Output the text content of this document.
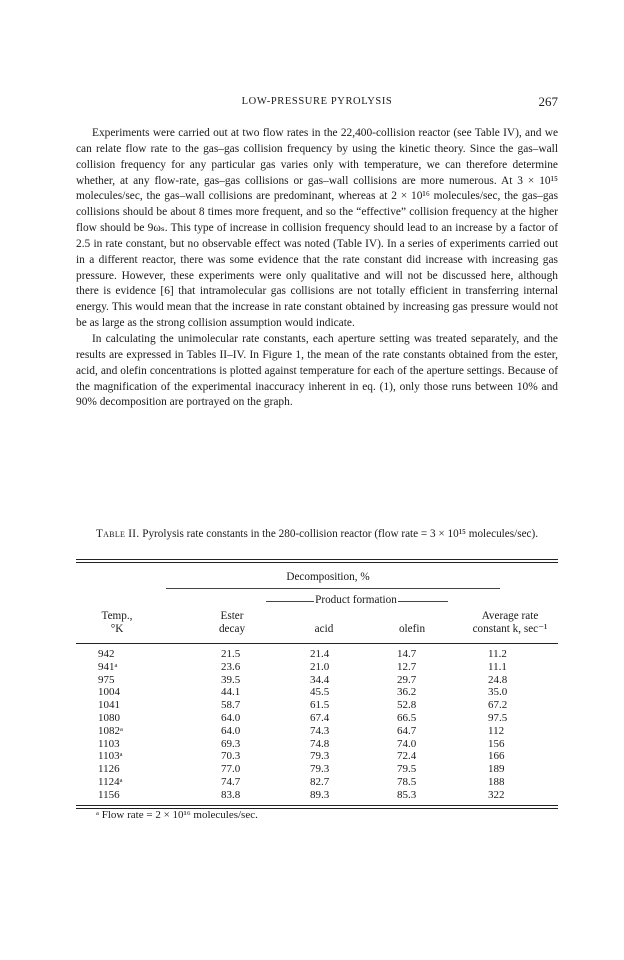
LOW-PRESSURE PYROLYSIS	267

Experiments were carried out at two flow rates in the 22,400-collision reactor (see Table IV), and we can relate flow rate to the gas–gas collision frequency by using the kinetic theory. Since the gas–wall collision frequency for any particular gas varies only with temperature, we can therefore determine whether, at any flow-rate, gas–gas collisions or gas–wall collisions are more numerous. At 3 × 10¹⁵ molecules/sec, the gas–wall collisions are predominant, whereas at 2 × 10¹⁶ molecules/sec, the gas–gas collisions should be about 8 times more frequent, and so the “effective” collision frequency at the higher flow should be 9ωₛ. This type of increase in collision frequency should lead to an increase by a factor of 2.5 in rate constant, but no observable effect was noted (Table IV). In a series of experiments carried out in a different reactor, there was some evidence that the rate constant did increase with increasing gas pressure. However, these experiments were only qualitative and will not be discussed here, although there is evidence [6] that intramolecular gas collisions are not totally efficient in transferring internal energy. This would mean that the increase in rate constant obtained by increasing gas pressure would not be as large as the strong collision assumption would indicate.

In calculating the unimolecular rate constants, each aperture setting was treated separately, and the results are expressed in Tables II–IV. In Figure 1, the mean of the rate constants obtained from the ester, acid, and olefin concentrations is plotted against temperature for each of the aperture settings. Because of the magnification of the experimental inaccuracy inherent in eq. (1), only those runs between 10% and 90% decomposition are portrayed on the graph.

Table II. Pyrolysis rate constants in the 280-collision reactor (flow rate = 3 × 10¹⁵ molecules/sec).
Decomposition, %
Product formation
Temp.,
°K
Ester
decay	acid	olefin
Average rate
constant k, sec⁻¹
942	21.5	21.4	14.7	11.2
941ᵃ	23.6	21.0	12.7	11.1
975	39.5	34.4	29.7	24.8
1004	44.1	45.5	36.2	35.0
1041	58.7	61.5	52.8	67.2
1080	64.0	67.4	66.5	97.5
1082ᵃ	64.0	74.3	64.7	112
1103	69.3	74.8	74.0	156
1103ᵃ	70.3	79.3	72.4	166
1126	77.0	79.3	79.5	189
1124ᵃ	74.7	82.7	78.5	188
1156	83.8	89.3	85.3	322
ᵃ Flow rate = 2 × 10¹⁶ molecules/sec.
